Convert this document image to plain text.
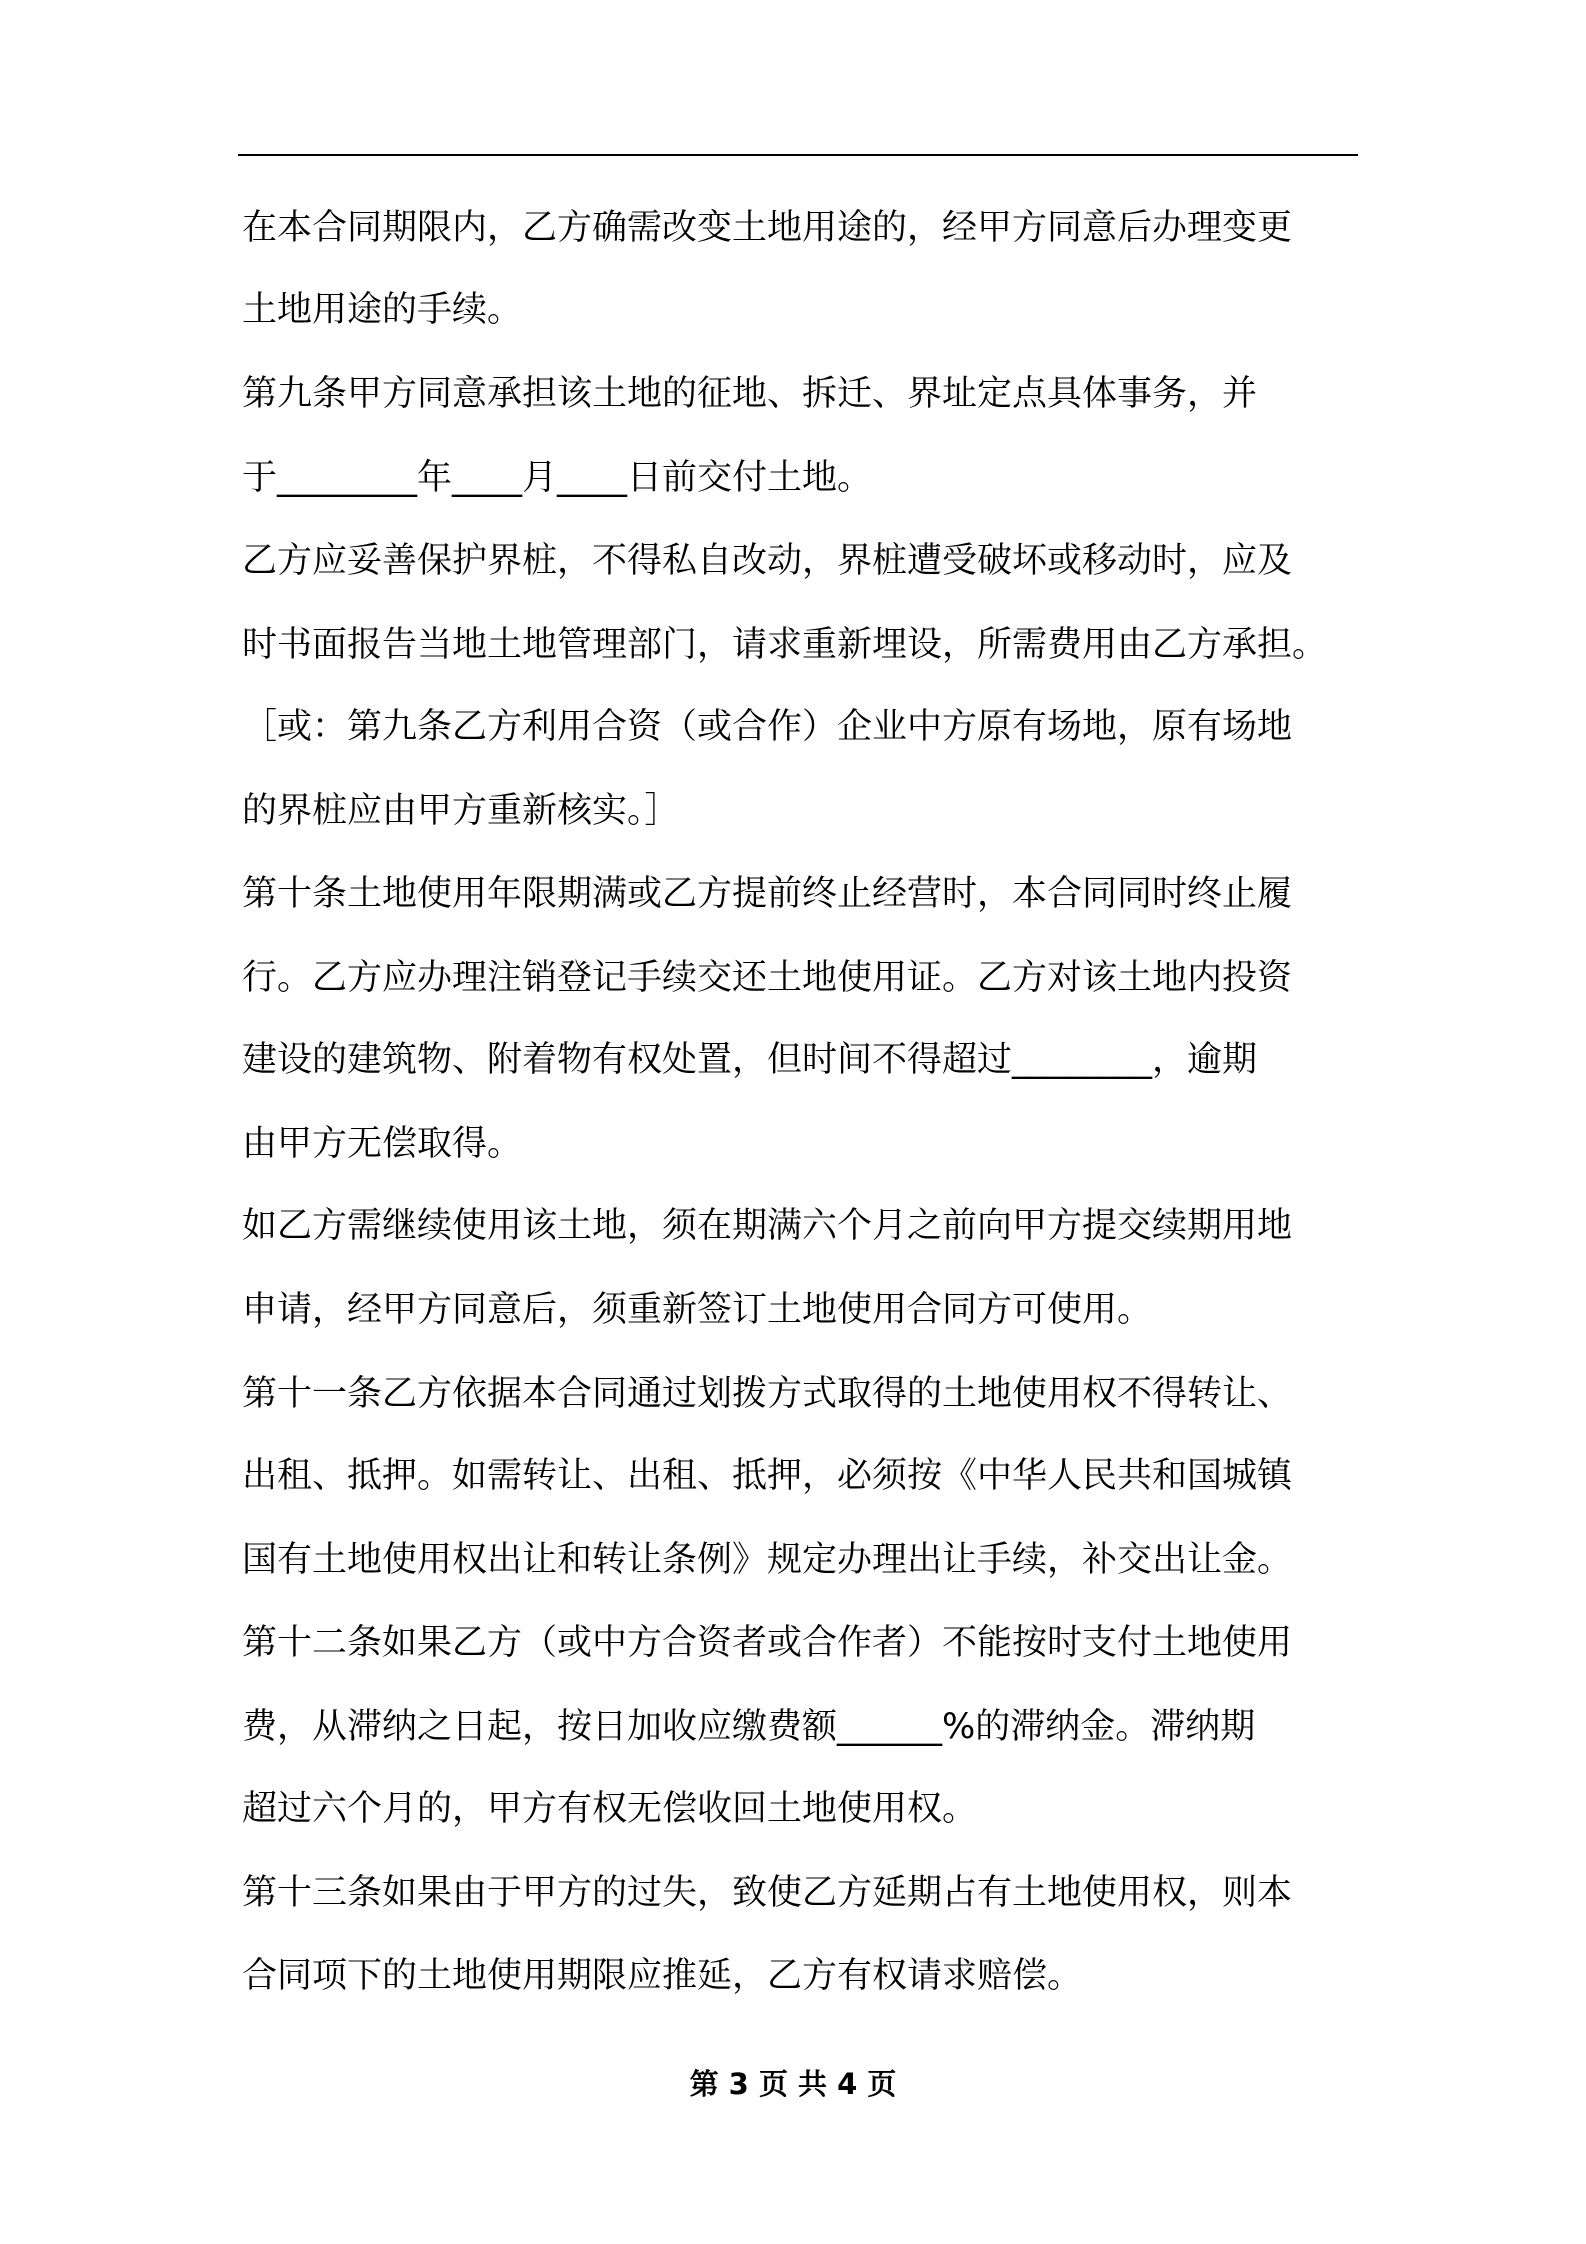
在本合同期限内，乙方确需改变土地用途的，经甲方同意后办理变更
土地用途的手续。
第九条甲方同意承担该土地的征地、拆迁、界址定点具体事务，并
于________年____月____日前交付土地。
乙方应妥善保护界桩，不得私自改动，界桩遭受破坏或移动时，应及
时书面报告当地土地管理部门，请求重新埋设，所需费用由乙方承担。
［或：第九条乙方利用合资（或合作）企业中方原有场地，原有场地
的界桩应由甲方重新核实。］
第十条土地使用年限期满或乙方提前终止经营时，本合同同时终止履
行。乙方应办理注销登记手续交还土地使用证。乙方对该土地内投资
建设的建筑物、附着物有权处置，但时间不得超过________，逾期
由甲方无偿取得。
如乙方需继续使用该土地，须在期满六个月之前向甲方提交续期用地
申请，经甲方同意后，须重新签订土地使用合同方可使用。
第十一条乙方依据本合同通过划拨方式取得的土地使用权不得转让、
出租、抵押。如需转让、出租、抵押，必须按《中华人民共和国城镇
国有土地使用权出让和转让条例》规定办理出让手续，补交出让金。
第十二条如果乙方（或中方合资者或合作者）不能按时支付土地使用
费，从滞纳之日起，按日加收应缴费额______%的滞纳金。滞纳期
超过六个月的，甲方有权无偿收回土地使用权。
第十三条如果由于甲方的过失，致使乙方延期占有土地使用权，则本
合同项下的土地使用期限应推延，乙方有权请求赔偿。
第 3 页 共 4 页
